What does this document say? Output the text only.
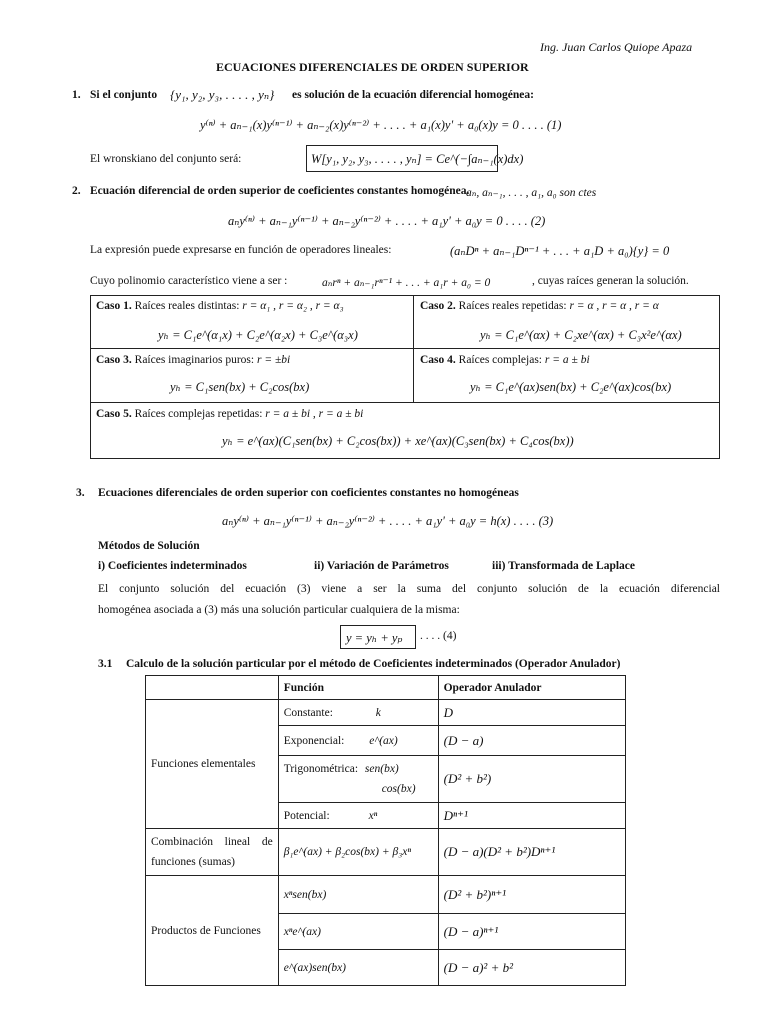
Ing. Juan Carlos Quiope Apaza
ECUACIONES DIFERENCIALES DE ORDEN SUPERIOR
1. Si el conjunto {y₁, y₂, y₃, . . . . , yₙ} es solución de la ecuación diferencial homogénea:
y⁽ⁿ⁾ + aₙ₋₁(x)y⁽ⁿ⁻¹⁾ + aₙ₋₂(x)y⁽ⁿ⁻²⁾ + . . . . + a₁(x)y' + a₀(x)y = 0 . . . . (1)
El wronskiano del conjunto será:	W[y₁, y₂, y₃, . . . . , yₙ] = Ce^(−∫aₙ₋₁(x)dx)
2. Ecuación diferencial de orden superior de coeficientes constantes homogénea.
aₙ, aₙ₋₁, . . . , a₁, a₀ son ctes
aₙy⁽ⁿ⁾ + aₙ₋₁y⁽ⁿ⁻¹⁾ + aₙ₋₂y⁽ⁿ⁻²⁾ + . . . . + a₁y' + a₀y = 0 . . . . (2)
La expresión puede expresarse en función de operadores lineales:	(aₙDⁿ + aₙ₋₁Dⁿ⁻¹ + . . . + a₁D + a₀){y} = 0
Cuyo polinomio característico viene a ser :	aₙrⁿ + aₙ₋₁rⁿ⁻¹ + . . . + a₁r + a₀ = 0	, cuyas raíces generan la solución.
Caso 1. Raíces reales distintas: r = α₁ , r = α₂ , r = α₃
yₕ = C₁e^(α₁x) + C₂e^(α₂x) + C₃e^(α₃x)
Caso 2. Raíces reales repetidas: r = α , r = α , r = α
yₕ = C₁e^(αx) + C₂xe^(αx) + C₃x²e^(αx)
Caso 3. Raíces imaginarios puros: r = ±bi
yₕ = C₁sen(bx) + C₂cos(bx)
Caso 4. Raíces complejas: r = a ± bi
yₕ = C₁e^(ax)sen(bx) + C₂e^(ax)cos(bx)
Caso 5. Raíces complejas repetidas: r = a ± bi , r = a ± bi
yₕ = e^(ax)(C₁sen(bx) + C₂cos(bx)) + xe^(ax)(C₃sen(bx) + C₄cos(bx))
3. Ecuaciones diferenciales de orden superior con coeficientes constantes no homogéneas
aₙy⁽ⁿ⁾ + aₙ₋₁y⁽ⁿ⁻¹⁾ + aₙ₋₂y⁽ⁿ⁻²⁾ + . . . . + a₁y' + a₀y = h(x) . . . . (3)
Métodos de Solución
i) Coeficientes indeterminados	ii) Variación de Parámetros	iii) Transformada de Laplace
El conjunto solución del ecuación (3) viene a ser la suma del conjunto solución de la ecuación diferencial
homogénea asociada a (3) más una solución particular cualquiera de la misma:
y = yₕ + yₚ . . . . (4)
3.1 Calculo de la solución particular por el método de Coeficientes indeterminados (Operador Anulador)
	Función	Operador Anulador
Funciones elementales	Constante: k	D
	Exponencial: e^(ax)	(D − a)
	Trigonométrica: sen(bx)
cos(bx)	(D² + b²)
	Potencial: xⁿ	Dⁿ⁺¹
Combinación lineal de funciones (sumas)	β₁e^(ax) + β₂cos(bx) + β₃xⁿ	(D − a)(D² + b²)Dⁿ⁺¹
Productos de Funciones	xⁿsen(bx)	(D² + b²)ⁿ⁺¹
	xⁿe^(ax)	(D − a)ⁿ⁺¹
	e^(ax)sen(bx)	(D − a)² + b²
